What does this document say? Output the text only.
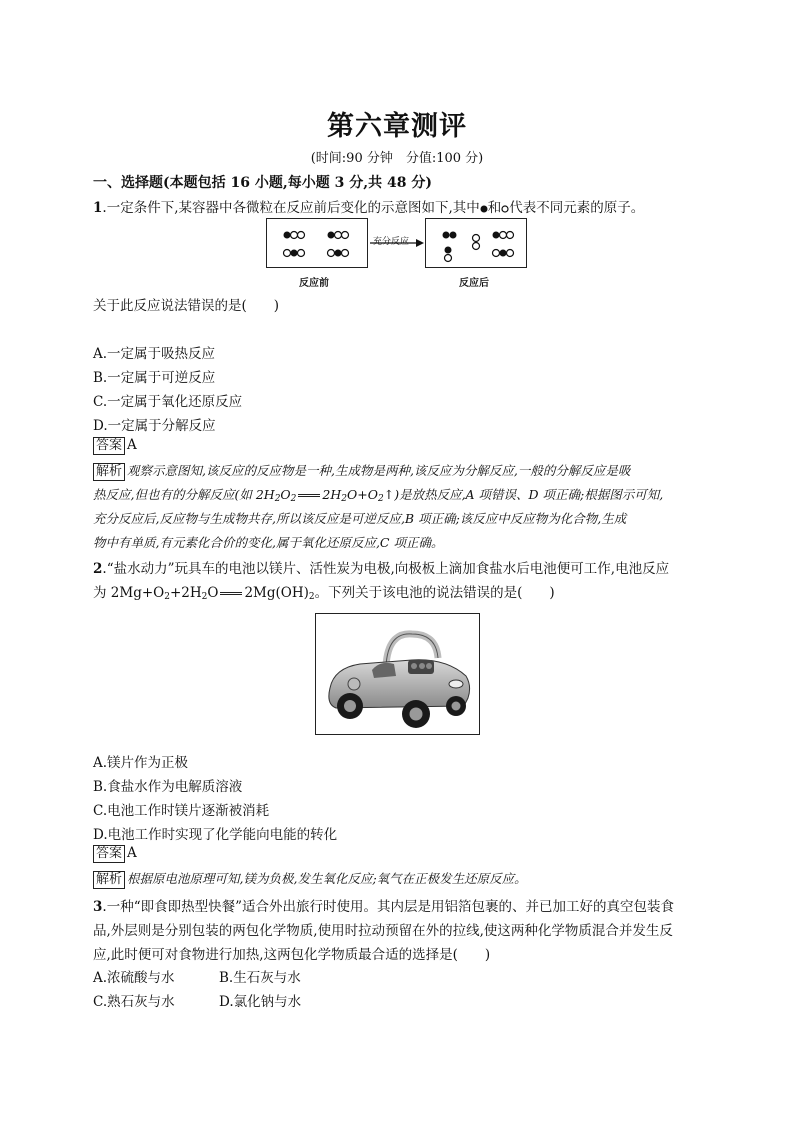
第六章测评
(时间:90 分钟　分值:100 分)
一、选择题(本题包括 16 小题,每小题 3 分,共 48 分)
1.一定条件下,某容器中各微粒在反应前后变化的示意图如下,其中 和 代表不同元素的原子。
充分反应
反应前	反应后
关于此反应说法错误的是(　　)
A.一定属于吸热反应
B.一定属于可逆反应
C.一定属于氧化还原反应
D.一定属于分解反应
答案 A
解析 观察示意图知,该反应的反应物是一种,生成物是两种,该反应为分解反应,一般的分解反应是吸
热反应,但也有的分解反应(如 $2H_2O_2$ $2H_2O+O_2↑$)是放热反应,A 项错误、D 项正确;根据图示可知,
充分反应后,反应物与生成物共存,所以该反应是可逆反应,B 项正确;该反应中反应物为化合物,生成
物中有单质,有元素化合价的变化,属于氧化还原反应,C 项正确。
2.“盐水动力”玩具车的电池以镁片、活性炭为电极,向极板上滴加食盐水后电池便可工作,电池反应
为 $2Mg+O_2+2H_2O$ $2Mg(OH)_2$。下列关于该电池的说法错误的是(　　)
A.镁片作为正极
B.食盐水作为电解质溶液
C.电池工作时镁片逐渐被消耗
D.电池工作时实现了化学能向电能的转化
答案 A
解析 根据原电池原理可知,镁为负极,发生氧化反应;氧气在正极发生还原反应。
3.一种“即食即热型快餐”适合外出旅行时使用。其内层是用铝箔包裹的、并已加工好的真空包装食
品,外层则是分别包装的两包化学物质,使用时拉动预留在外的拉线,使这两种化学物质混合并发生反
应,此时便可对食物进行加热,这两包化学物质最合适的选择是(　　)
A.浓硫酸与水	B.生石灰与水
C.熟石灰与水	D.氯化钠与水
